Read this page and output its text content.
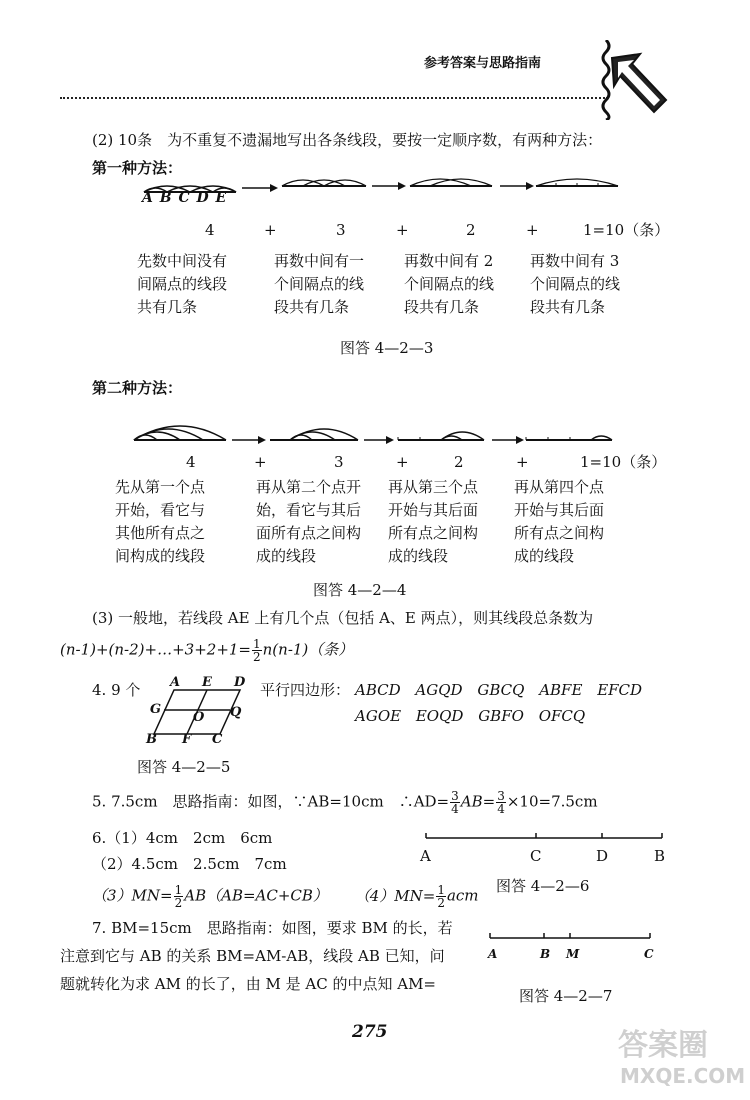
参考答案与思路指南
(2) 10条　为不重复不遗漏地写出各条线段，要按一定顺序数，有两种方法：
第一种方法：
A B C D E
4	+	3	+	2	+	1=10（条）
先数中间没有
间隔点的线段
共有几条
再数中间有一
个间隔点的线
段共有几条
再数中间有 2
个间隔点的线
段共有几条
再数中间有 3
个间隔点的线
段共有几条
图答 4—2—3
第二种方法：
4	+	3	+	2	+	1=10（条）
先从第一个点
开始，看它与
其他所有点之
间构成的线段
再从第二个点开
始，看它与其后
面所有点之间构
成的线段
再从第三个点
开始与其后面
所有点之间构
成的线段
再从第四个点
开始与其后面
所有点之间构
成的线段
图答 4—2—4
(3) 一般地，若线段 AE 上有几个点（包括 A、E 两点），则其线段总条数为
(n-1)+(n-2)+…+3+2+1= $\frac{1}{2} n(n-1)$（条）
4. 9 个 A E D
G
O Q
B F C
平行四边形： ABCD AGQD GBCQ ABFE EFCD
AGOE EOQD GBFO OFCQ
图答 4—2—5
5. 7.5cm　思路指南：如图，∵AB=10cm　∴AD= $\frac{3}{4} AB= \frac{3}{4} \times 10=7.5cm$
6.（1）4cm　2cm　6cm
（2）4.5cm　2.5cm　7cm
$(3)MN= \frac{1}{2} AB(AB=AC+CB)$ $(4)MN= \frac{1}{2}$ acm
A	C	D	B
图答 4—2—6
7. BM=15cm　思路指南：如图，要求 BM 的长，若
注意到它与 AB 的关系 BM=AM-AB，线段 AB 已知，问
题就转化为求 AM 的长了，由 M 是 AC 的中点知 AM=
A	B M	C
图答 4—2—7
275	答案圈
MXQE.COM
